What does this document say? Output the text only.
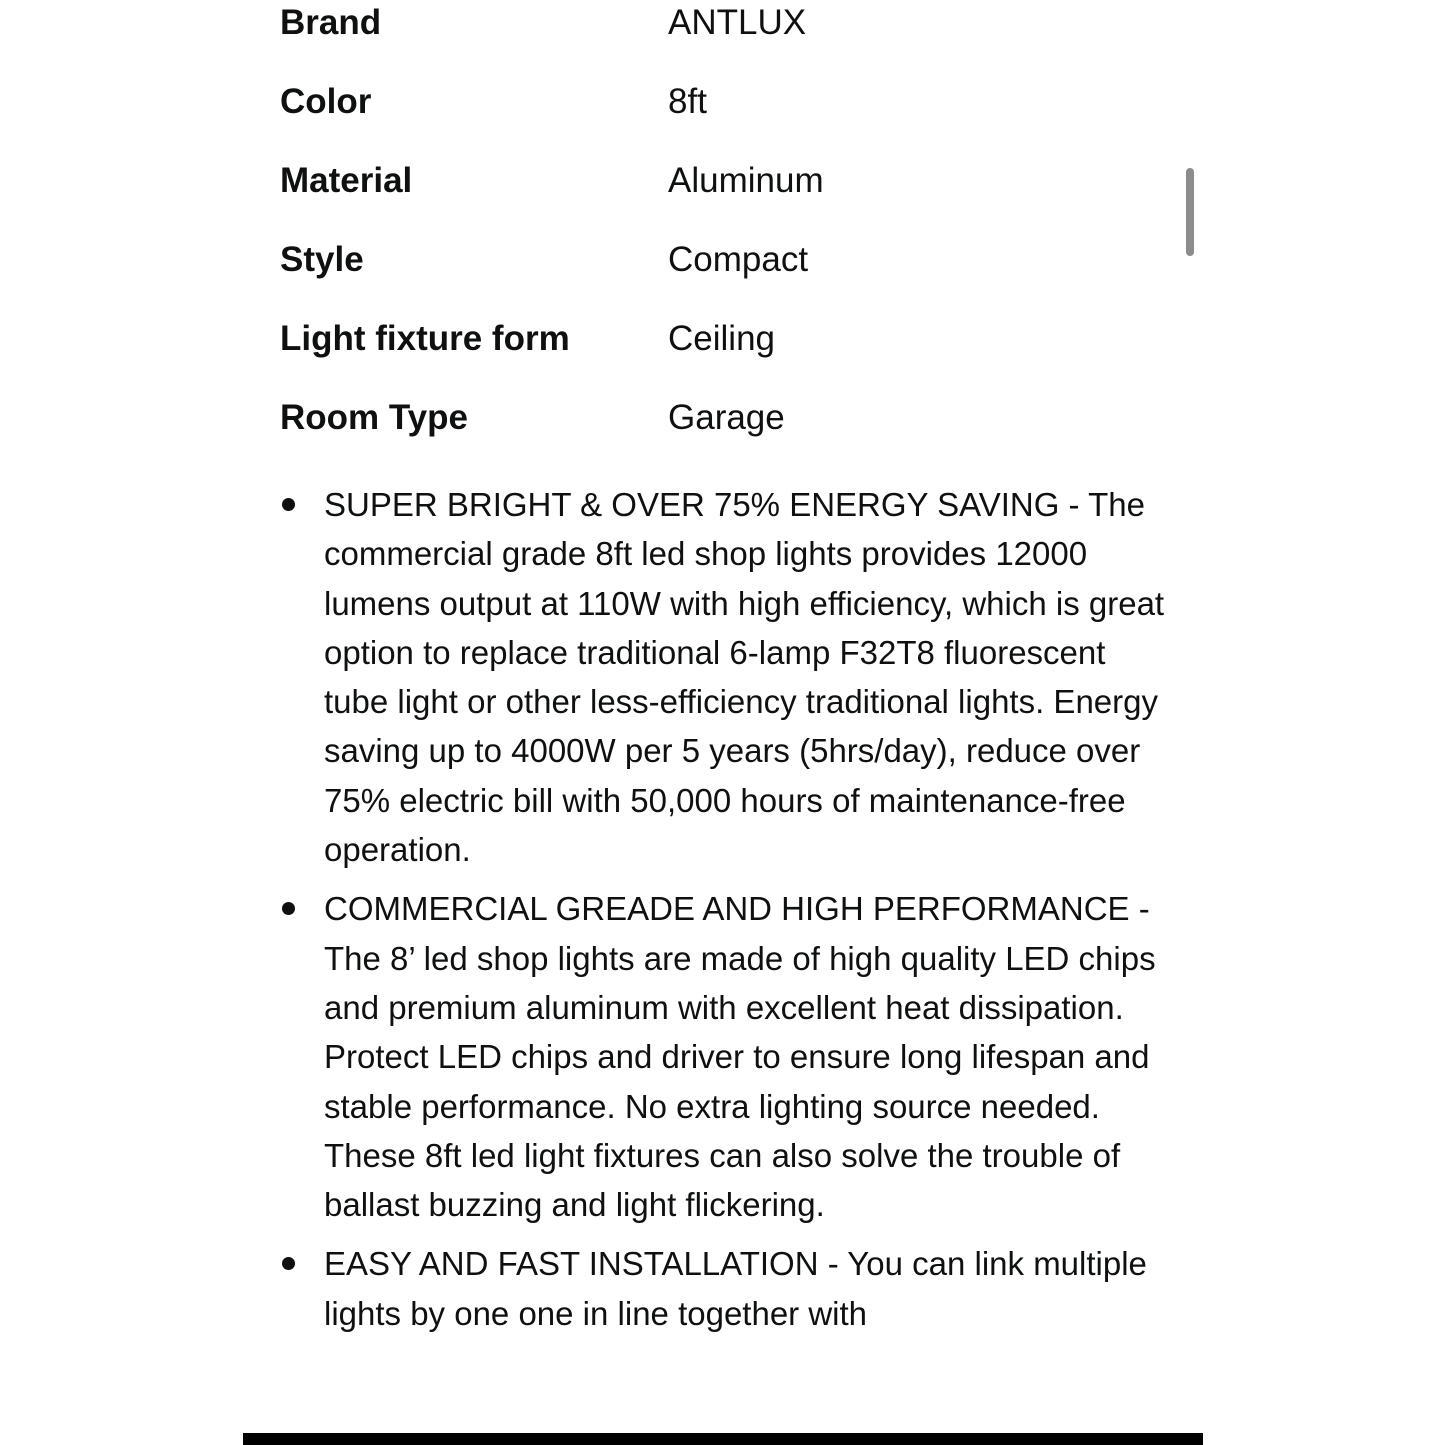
Brand	ANTLUX
Color	8ft
Material	Aluminum
Style	Compact
Light fixture form	Ceiling
Room Type	Garage
SUPER BRIGHT & OVER 75% ENERGY SAVING - The commercial grade 8ft led shop lights provides 12000 lumens output at 110W with high efficiency, which is great option to replace traditional 6-lamp F32T8 fluorescent tube light or other less-efficiency traditional lights. Energy saving up to 4000W per 5 years (5hrs/day), reduce over 75% electric bill with 50,000 hours of maintenance-free operation.
COMMERCIAL GREADE AND HIGH PERFORMANCE - The 8’ led shop lights are made of high quality LED chips and premium aluminum with excellent heat dissipation. Protect LED chips and driver to ensure long lifespan and stable performance. No extra lighting source needed. These 8ft led light fixtures can also solve the trouble of ballast buzzing and light flickering.
EASY AND FAST INSTALLATION - You can link multiple lights by one one in line together with
